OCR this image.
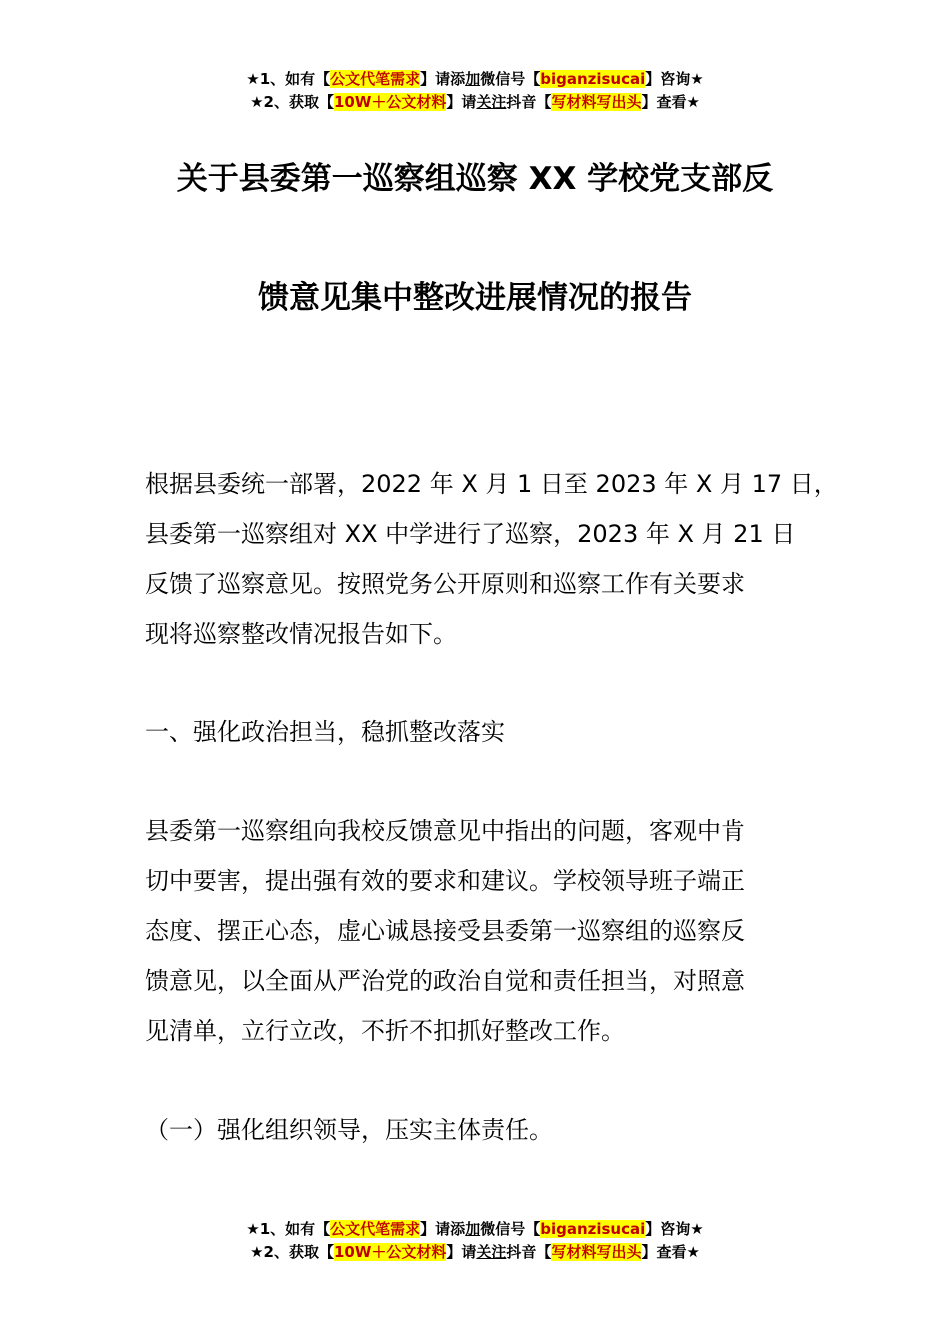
★1、如有【公文代笔需求】请添加微信号【biganzisucai】咨询★
★2、获取【10W＋公文材料】请关注抖音【写材料写出头】查看★
关于县委第一巡察组巡察 XX 学校党支部反
馈意见集中整改进展情况的报告
根据县委统一部署，2022 年 X 月 1 日至 2023 年 X 月 17 日，
县委第一巡察组对 XX 中学进行了巡察，2023 年 X 月 21 日
反馈了巡察意见。按照党务公开原则和巡察工作有关要求
现将巡察整改情况报告如下。
一、强化政治担当，稳抓整改落实
县委第一巡察组向我校反馈意见中指出的问题，客观中肯
切中要害，提出强有效的要求和建议。学校领导班子端正
态度、摆正心态，虚心诚恳接受县委第一巡察组的巡察反
馈意见，以全面从严治党的政治自觉和责任担当，对照意
见清单，立行立改，不折不扣抓好整改工作。
（一）强化组织领导，压实主体责任。
★1、如有【公文代笔需求】请添加微信号【biganzisucai】咨询★
★2、获取【10W＋公文材料】请关注抖音【写材料写出头】查看★
